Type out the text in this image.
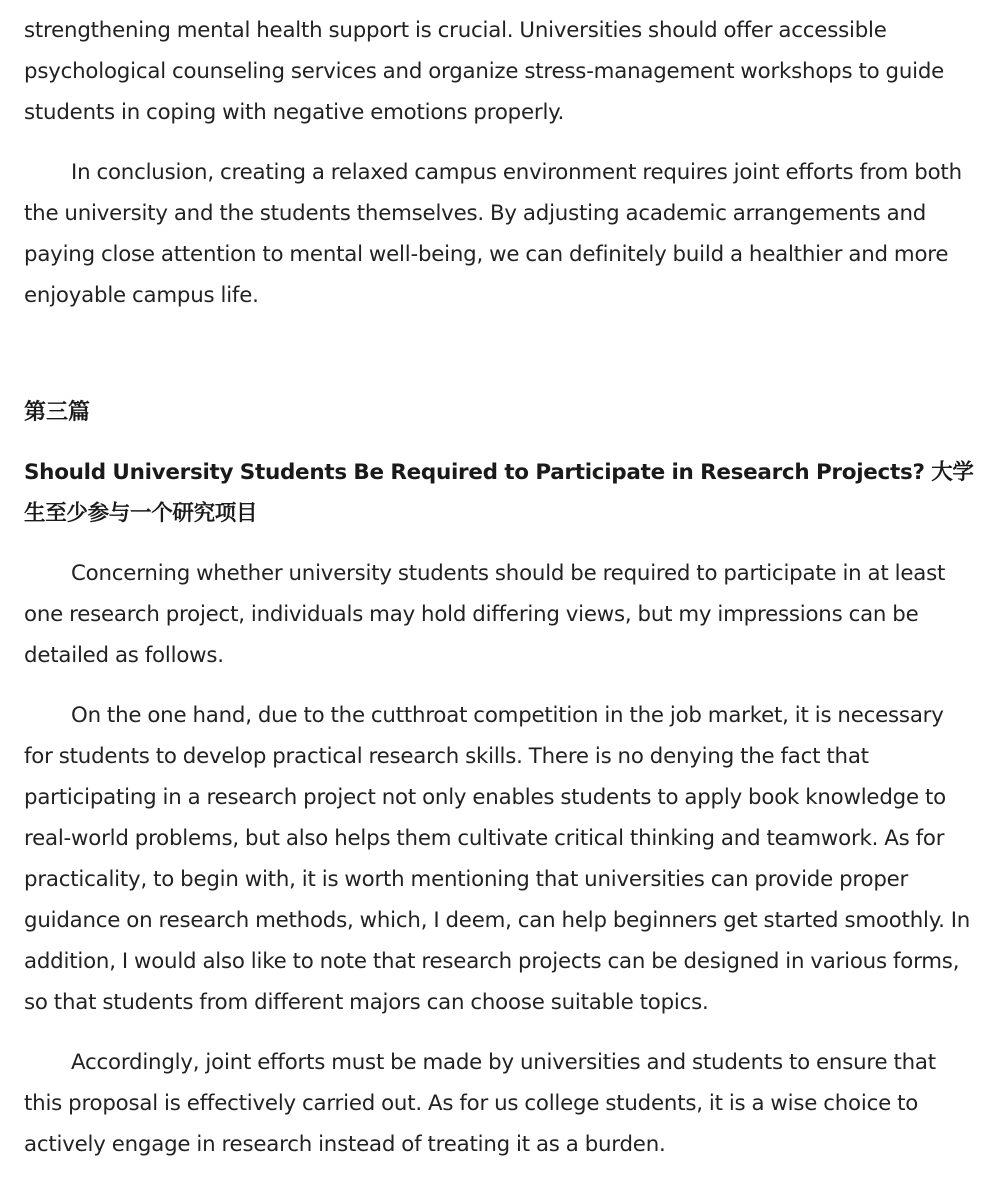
strengthening mental health support is crucial. Universities should offer accessible psychological counseling services and organize stress-management workshops to guide students in coping with negative emotions properly.

In conclusion, creating a relaxed campus environment requires joint efforts from both the university and the students themselves. By adjusting academic arrangements and paying close attention to mental well-being, we can definitely build a healthier and more enjoyable campus life.

第三篇
Should University Students Be Required to Participate in Research Projects? 大学生至少参与一个研究项目

Concerning whether university students should be required to participate in at least one research project, individuals may hold differing views, but my impressions can be detailed as follows.

On the one hand, due to the cutthroat competition in the job market, it is necessary for students to develop practical research skills. There is no denying the fact that participating in a research project not only enables students to apply book knowledge to real-world problems, but also helps them cultivate critical thinking and teamwork. As for practicality, to begin with, it is worth mentioning that universities can provide proper guidance on research methods, which, I deem, can help beginners get started smoothly. In addition, I would also like to note that research projects can be designed in various forms, so that students from different majors can choose suitable topics.

Accordingly, joint efforts must be made by universities and students to ensure that this proposal is effectively carried out. As for us college students, it is a wise choice to actively engage in research instead of treating it as a burden.
